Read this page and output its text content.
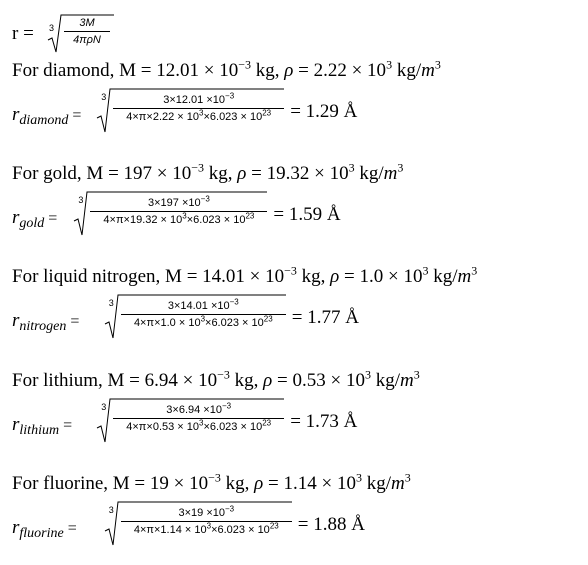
r = 3	3M
4πρN
For diamond, $M = 12.01 \times 10^{-3}$ kg, $\rho = 2.22 \times 10^3$ $kg/m^3$
$r_{diamond}$ =
3	$3\times 12.01 \times 10^{-3}$
$4\times\pi\times 2.22 \times 10^3\times 6.023 \times 10^{23}$	= 1.29 Å
For gold, $M = 197 \times 10^{-3}$ kg, $\rho = 19.32 \times 10^3$ $kg/m^3$
$r_{gold}$ =
3	$3\times 197 \times 10^{-3}$
$4\times\pi\times 19.32 \times 10^3\times 6.023 \times 10^{23}$	= 1.59 Å
For liquid nitrogen, $M = 14.01 \times 10^{-3}$ kg, $\rho = 1.0 \times 10^3$ $kg/m^3$
$r_{nitrogen}$ =
3	$3\times 14.01 \times 10^{-3}$
$4\times\pi\times 1.0 \times 10^3\times 6.023 \times 10^{23}$	= 1.77 Å
For lithium, $M = 6.94 \times 10^{-3}$ kg, $\rho = 0.53 \times 10^3$ $kg/m^3$
$r_{lithium}$ =
3	$3\times 6.94 \times 10^{-3}$
$4\times\pi\times 0.53 \times 10^3\times 6.023 \times 10^{23}$	= 1.73 Å
For fluorine, $M = 19 \times 10^{-3}$ kg, $\rho = 1.14 \times 10^3$ $kg/m^3$
$r_{fluorine}$ =
3	$3\times 19 \times 10^{-3}$
$4\times\pi\times 1.14 \times 10^3\times 6.023 \times 10^{23}$	= 1.88 Å
